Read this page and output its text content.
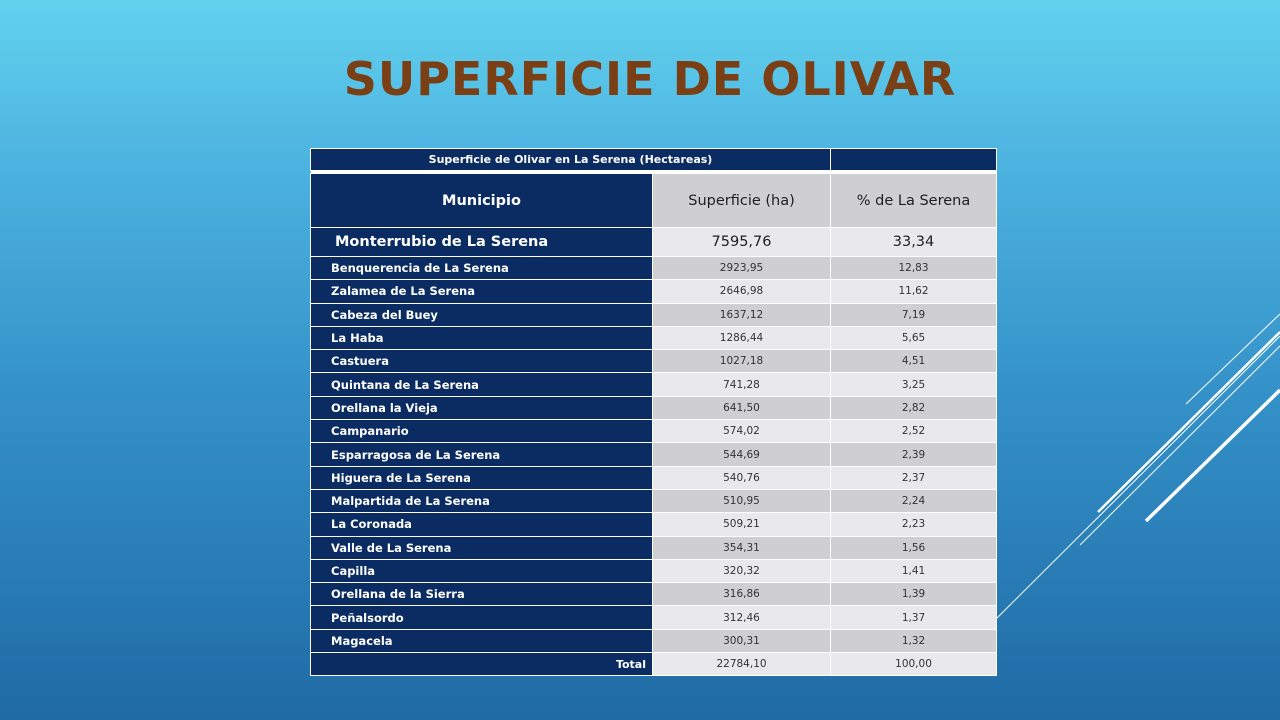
SUPERFICIE DE OLIVAR
Superficie de Olivar en La Serena (Hectareas)		

Municipio	Superficie (ha)	% de La Serena
Monterrubio de La Serena	7595,76	33,34
Benquerencia de La Serena	2923,95	12,83
Zalamea de La Serena	2646,98	11,62
Cabeza del Buey	1637,12	7,19
La Haba	1286,44	5,65
Castuera	1027,18	4,51
Quintana de La Serena	741,28	3,25
Orellana la Vieja	641,50	2,82
Campanario	574,02	2,52
Esparragosa de La Serena	544,69	2,39
Higuera de La Serena	540,76	2,37
Malpartida de La Serena	510,95	2,24
La Coronada	509,21	2,23
Valle de La Serena	354,31	1,56
Capilla	320,32	1,41
Orellana de la Sierra	316,86	1,39
Peñalsordo	312,46	1,37
Magacela	300,31	1,32
Total	22784,10	100,00
